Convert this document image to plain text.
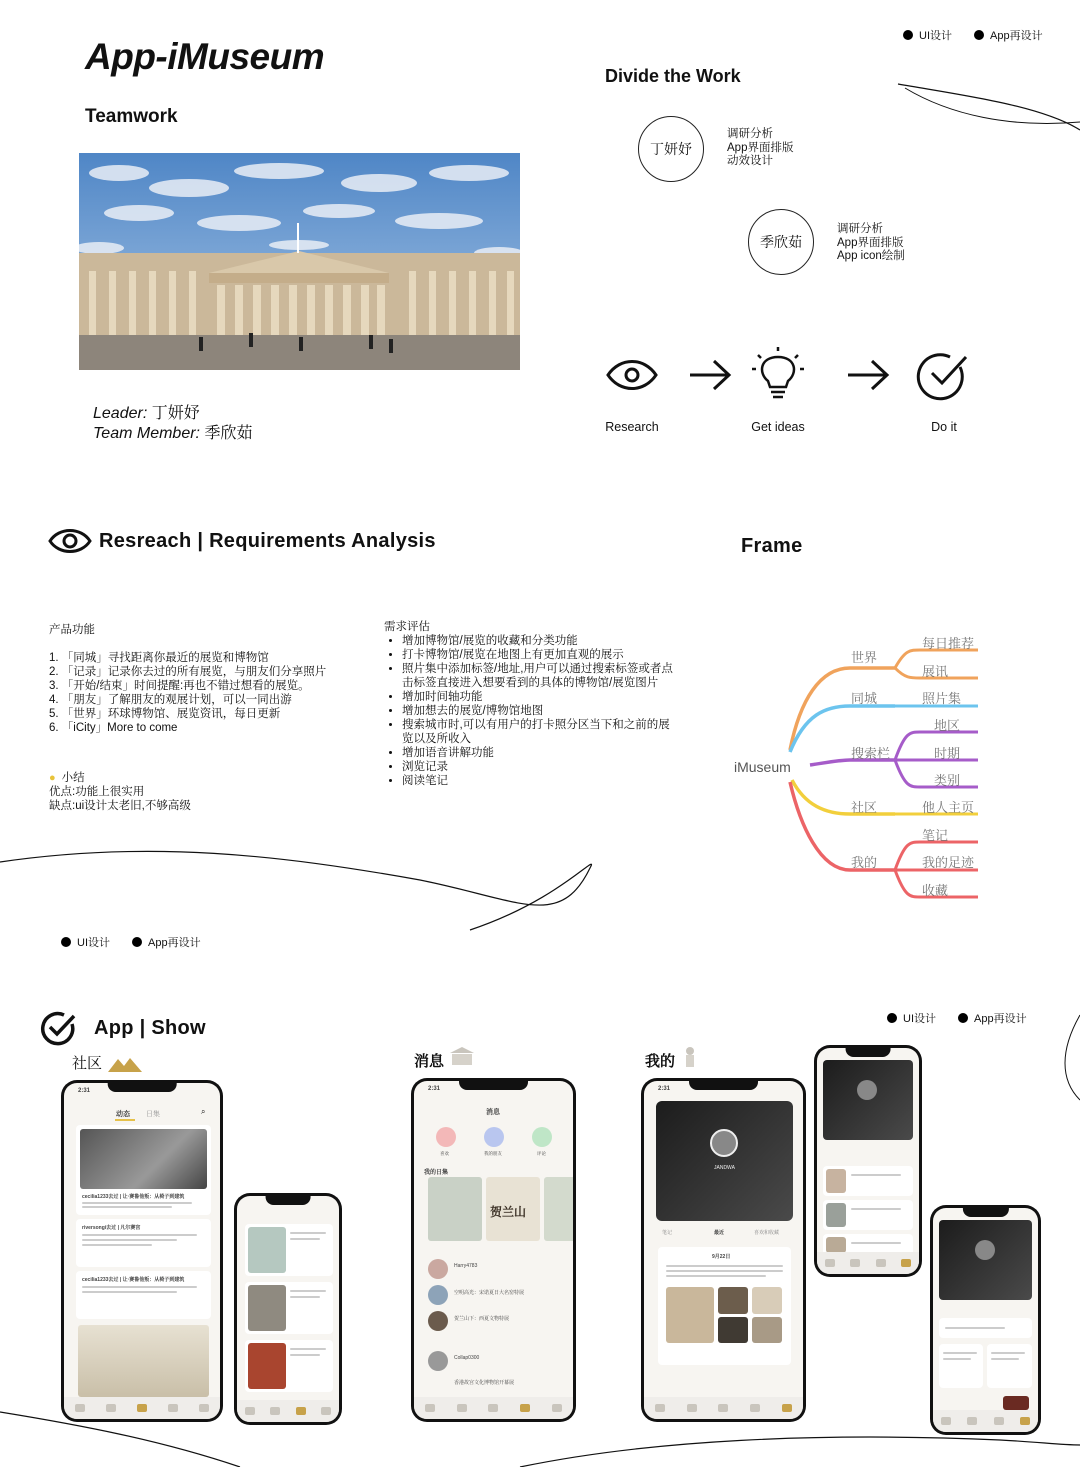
UI设计	App再设计
UI设计	App再设计
UI设计	App再设计
App-iMuseum
Teamwork
Leader: 丁妍妤
Team Member: 季欣茹
Divide the Work
丁妍妤
调研分析
App界面排版
动效设计
季欣茹
调研分析
App界面排版
App icon绘制
Research	Get ideas	Do it
Resreach | Requirements Analysis
产品功能
1. 「同城」寻找距离你最近的展览和博物馆
2. 「记录」记录你去过的所有展览，与朋友们分享照片
3. 「开始/结束」时间提醒:再也不错过想看的展览。
4. 「朋友」了解朋友的观展计划，可以一同出游
5. 「世界」环球博物馆、展览资讯，每日更新
6. 「iCity」More to come
● 小结
优点:功能上很实用
缺点:ui设计太老旧,不够高级
需求评估
• 增加博物馆/展览的收藏和分类功能
• 打卡博物馆/展览在地图上有更加直观的展示
• 照片集中添加标签/地址,用户可以通过搜索标签或者点击标签直接进入想要看到的具体的博物馆/展览图片
• 增加时间轴功能
• 增加想去的展览/博物馆地图
• 搜索城市时,可以有用户的打卡照分区当下和之前的展览以及所收入
• 增加语音讲解功能
• 浏览记录
• 阅读笔记
Frame
iMuseum
世界
同城
搜索栏
社区
我的
每日推荐
展讯
照片集
地区
时期
类别
他人主页
笔记
我的足迹
收藏
App | Show
社区	消息	我的
2:31
动态 日集	⌕
cecilia1233去过 | 让·赛鲁他叛：从椅子到建筑
riversongi去过 | 凡尔赛宫
cecilia1233去过 | 让·赛鲁他叛：从椅子到建筑
2:31
消息
喜欢	我的朋友	评论
我的日集
贺兰山
Harry4783
空明高光：宋诺夏日大名窑特展
贺兰山下：西夏文物特展
Collap0300
香港故宫文化博物馆开幕展
2:31
JANDWA
笔记	最近	喜欢和收藏
9月22日
